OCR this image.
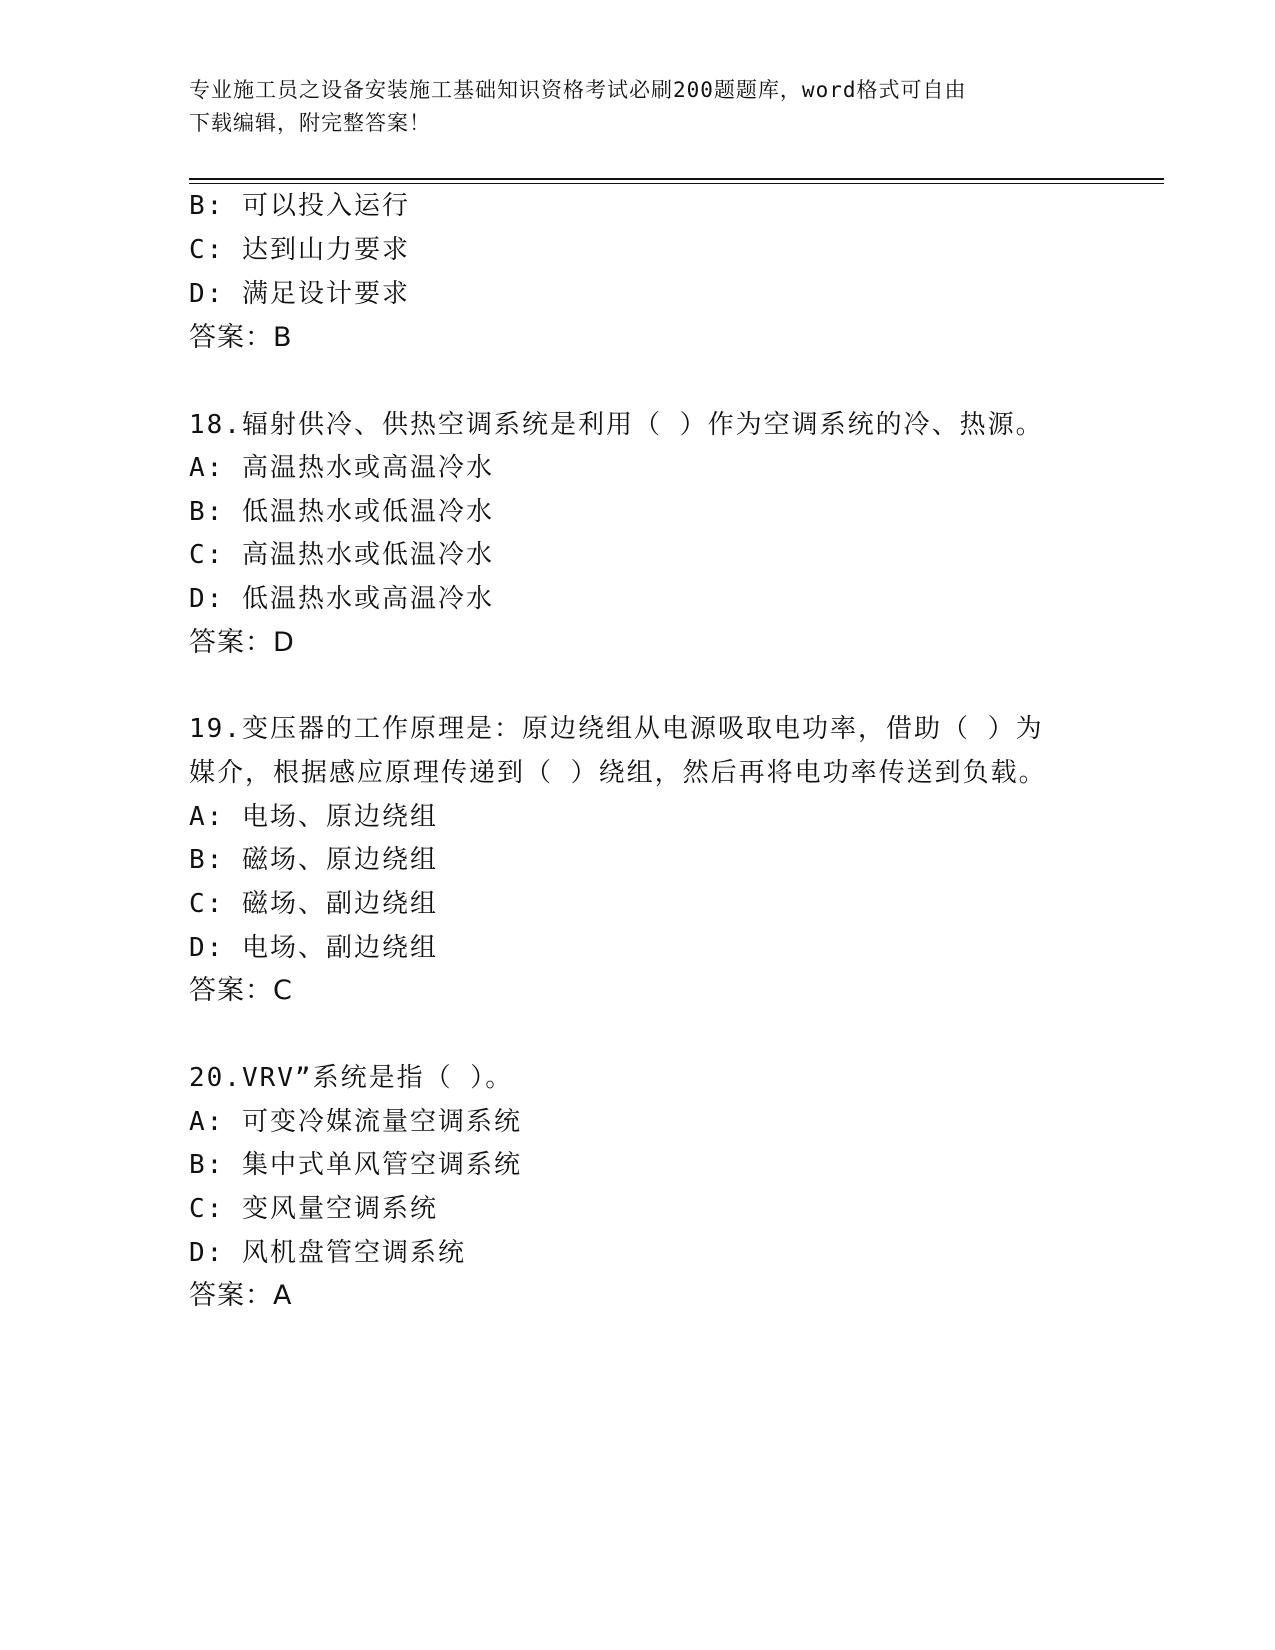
专业施工员之设备安装施工基础知识资格考试必刷200题题库，word格式可自由
下载编辑，附完整答案！
B: 可以投入运行
C: 达到山力要求
D: 满足设计要求
答案：B
18.辐射供冷、供热空调系统是利用（ ）作为空调系统的冷、热源。
A: 高温热水或高温冷水
B: 低温热水或低温冷水
C: 高温热水或低温冷水
D: 低温热水或高温冷水
答案：D
19.变压器的工作原理是：原边绕组从电源吸取电功率，借助（ ）为
媒介，根据感应原理传递到（ ）绕组，然后再将电功率传送到负载。
A: 电场、原边绕组
B: 磁场、原边绕组
C: 磁场、副边绕组
D: 电场、副边绕组
答案：C
20.VRV”系统是指（ ）。
A: 可变冷媒流量空调系统
B: 集中式单风管空调系统
C: 变风量空调系统
D: 风机盘管空调系统
答案：A
